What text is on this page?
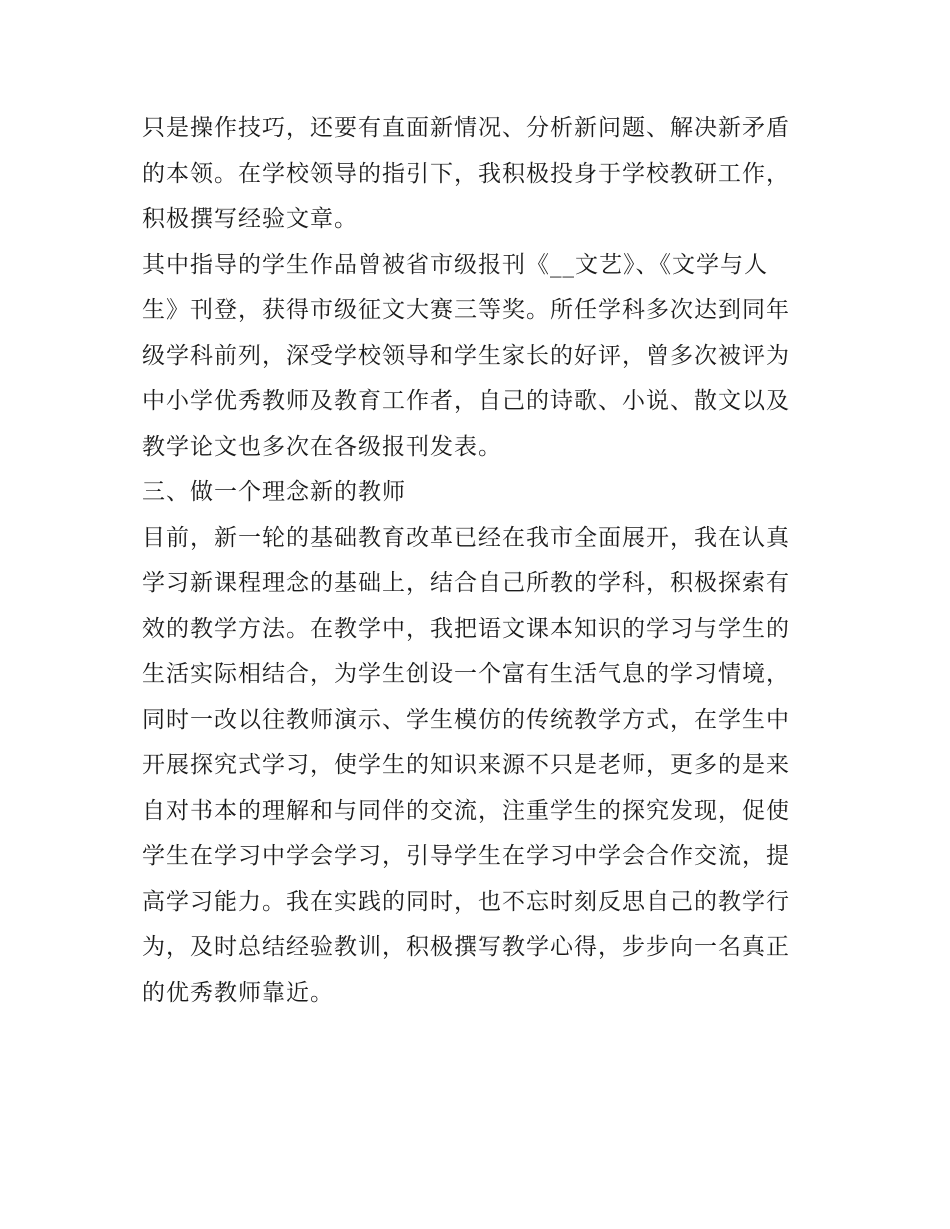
只是操作技巧，还要有直面新情况、分析新问题、解决新矛盾
的本领。在学校领导的指引下，我积极投身于学校教研工作，
积极撰写经验文章。
其中指导的学生作品曾被省市级报刊《__文艺》、《文学与人
生》刊登，获得市级征文大赛三等奖。所任学科多次达到同年
级学科前列，深受学校领导和学生家长的好评，曾多次被评为
中小学优秀教师及教育工作者，自己的诗歌、小说、散文以及
教学论文也多次在各级报刊发表。
三、做一个理念新的教师
目前，新一轮的基础教育改革已经在我市全面展开，我在认真
学习新课程理念的基础上，结合自己所教的学科，积极探索有
效的教学方法。在教学中，我把语文课本知识的学习与学生的
生活实际相结合，为学生创设一个富有生活气息的学习情境，
同时一改以往教师演示、学生模仿的传统教学方式，在学生中
开展探究式学习，使学生的知识来源不只是老师，更多的是来
自对书本的理解和与同伴的交流，注重学生的探究发现，促使
学生在学习中学会学习，引导学生在学习中学会合作交流，提
高学习能力。我在实践的同时，也不忘时刻反思自己的教学行
为，及时总结经验教训，积极撰写教学心得，步步向一名真正
的优秀教师靠近。
